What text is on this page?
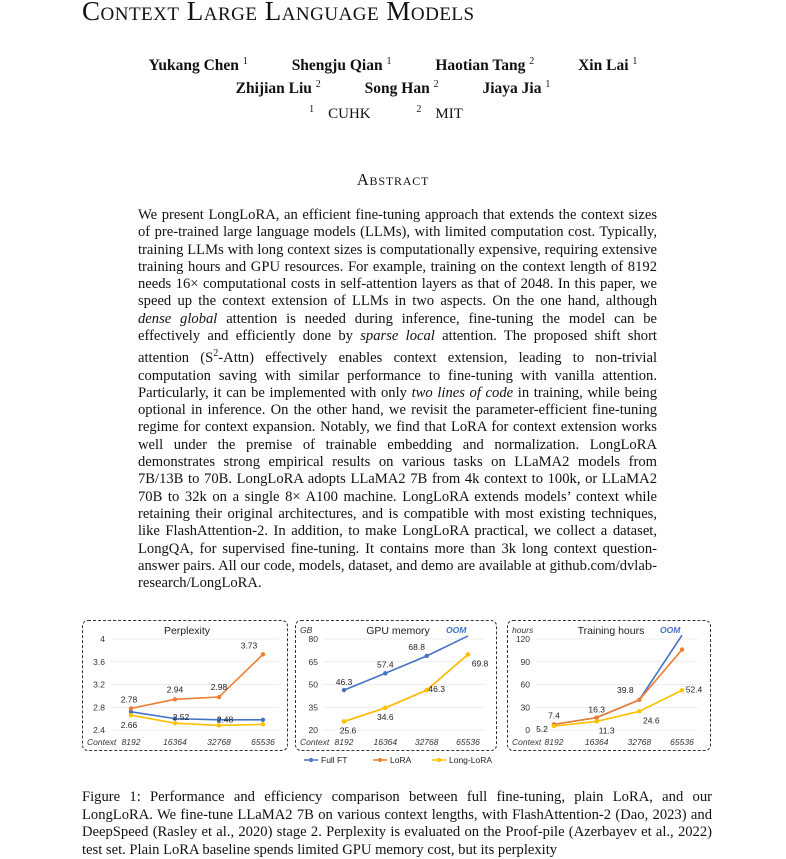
Context Large Language Models
Yukang Chen $^1$	Shengju Qian $^1$	Haotian Tang $^2$	Xin Lai $^1$
Zhijian Liu $^2$	Song Han $^2$	Jiaya Jia $^1$
$^1$ CUHK	$^2$ MIT
Abstract
We present LongLoRA, an efficient fine-tuning approach that extends the context sizes of pre-trained large language models (LLMs), with limited computation cost. Typically, training LLMs with long context sizes is computationally expensive, requiring extensive training hours and GPU resources. For example, training on the context length of 8192 needs 16× computational costs in self-attention layers as that of 2048. In this paper, we speed up the context extension of LLMs in two aspects. On the one hand, although dense global attention is needed during inference, fine-tuning the model can be effectively and efficiently done by sparse local attention. The proposed shift short attention $(S^2-Attn)$ effectively enables context extension, leading to non-trivial computation saving with similar performance to fine-tuning with vanilla attention. Particularly, it can be implemented with only two lines of code in training, while being optional in inference. On the other hand, we revisit the parameter-efficient fine-tuning regime for context expansion. Notably, we find that LoRA for context extension works well under the premise of trainable embedding and normalization. LongLoRA demonstrates strong empirical results on various tasks on LLaMA2 models from 7B/13B to 70B. LongLoRA adopts LLaMA2 7B from 4k context to 100k, or LLaMA2 70B to 32k on a single 8× A100 machine. LongLoRA extends models’ context while retaining their original architectures, and is compatible with most existing techniques, like FlashAttention-2. In addition, to make LongLoRA practical, we collect a dataset, LongQA, for supervised fine-tuning. It contains more than 3k long context question-answer pairs. All our code, models, dataset, and demo are available at github.com/dvlab-research/LongLoRA.
Perplexity
2.4
2.8
3.2
3.6
4
Context 8192	16364 32768 65536
2.78
2.94	2.98
3.73
2.66
2.52	2.48
GPU memory
GB
20
35
50
65
80
Context 8192 16364 32768 65536
46.3
57.4
68.8
25.6
34.6
46.3
69.8
OOM	Training hours
hours
0
30
60
90
120
Context 8192	16364 32768 65536
7.4
16.3
39.8
5.2	11.3
24.6
52.4
OOM
Full FT	LoRA	Long-LoRA
Figure 1: Performance and efficiency comparison between full fine-tuning, plain LoRA, and our LongLoRA. We fine-tune LLaMA2 7B on various context lengths, with FlashAttention-2 (Dao, 2023) and DeepSpeed (Rasley et al., 2020) stage 2. Perplexity is evaluated on the Proof-pile (Azerbayev et al., 2022) test set. Plain LoRA baseline spends limited GPU memory cost, but its perplexity
